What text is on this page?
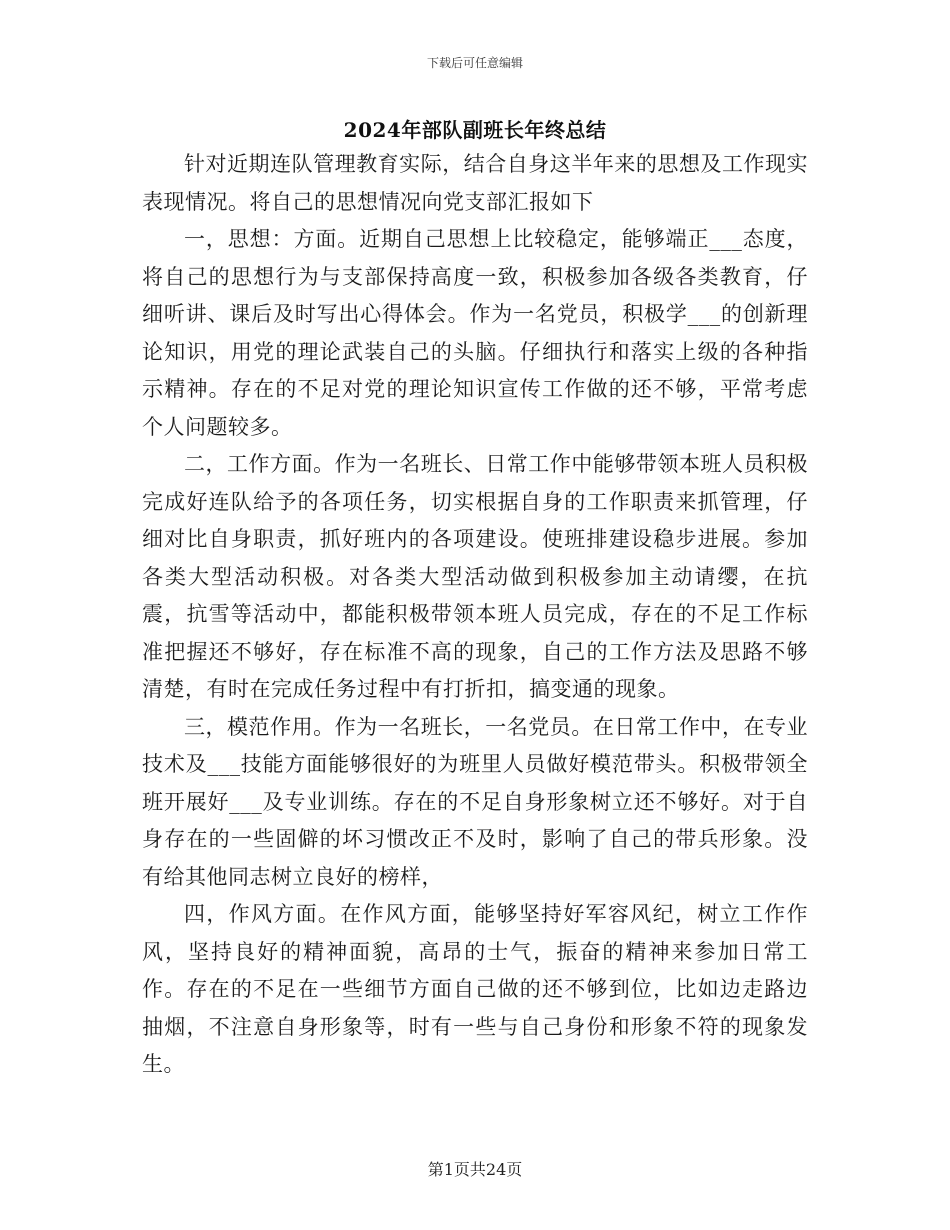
下载后可任意编辑
2024年部队副班长年终总结

针对近期连队管理教育实际，结合自身这半年来的思想及工作现实表现情况。将自己的思想情况向党支部汇报如下

一，思想：方面。近期自己思想上比较稳定，能够端正___态度，将自己的思想行为与支部保持高度一致，积极参加各级各类教育，仔细听讲、课后及时写出心得体会。作为一名党员，积极学___的创新理论知识，用党的理论武装自己的头脑。仔细执行和落实上级的各种指示精神。存在的不足对党的理论知识宣传工作做的还不够，平常考虑个人问题较多。

二，工作方面。作为一名班长、日常工作中能够带领本班人员积极完成好连队给予的各项任务，切实根据自身的工作职责来抓管理，仔细对比自身职责，抓好班内的各项建设。使班排建设稳步进展。参加各类大型活动积极。对各类大型活动做到积极参加主动请缨，在抗震，抗雪等活动中，都能积极带领本班人员完成，存在的不足工作标准把握还不够好，存在标准不高的现象，自己的工作方法及思路不够清楚，有时在完成任务过程中有打折扣，搞变通的现象。

三，模范作用。作为一名班长，一名党员。在日常工作中，在专业技术及___技能方面能够很好的为班里人员做好模范带头。积极带领全班开展好___及专业训练。存在的不足自身形象树立还不够好。对于自身存在的一些固僻的坏习惯改正不及时，影响了自己的带兵形象。没有给其他同志树立良好的榜样，

四，作风方面。在作风方面，能够坚持好军容风纪，树立工作作风，坚持良好的精神面貌，高昂的士气，振奋的精神来参加日常工作。存在的不足在一些细节方面自己做的还不够到位，比如边走路边抽烟，不注意自身形象等，时有一些与自己身份和形象不符的现象发生。

第1页共24页
